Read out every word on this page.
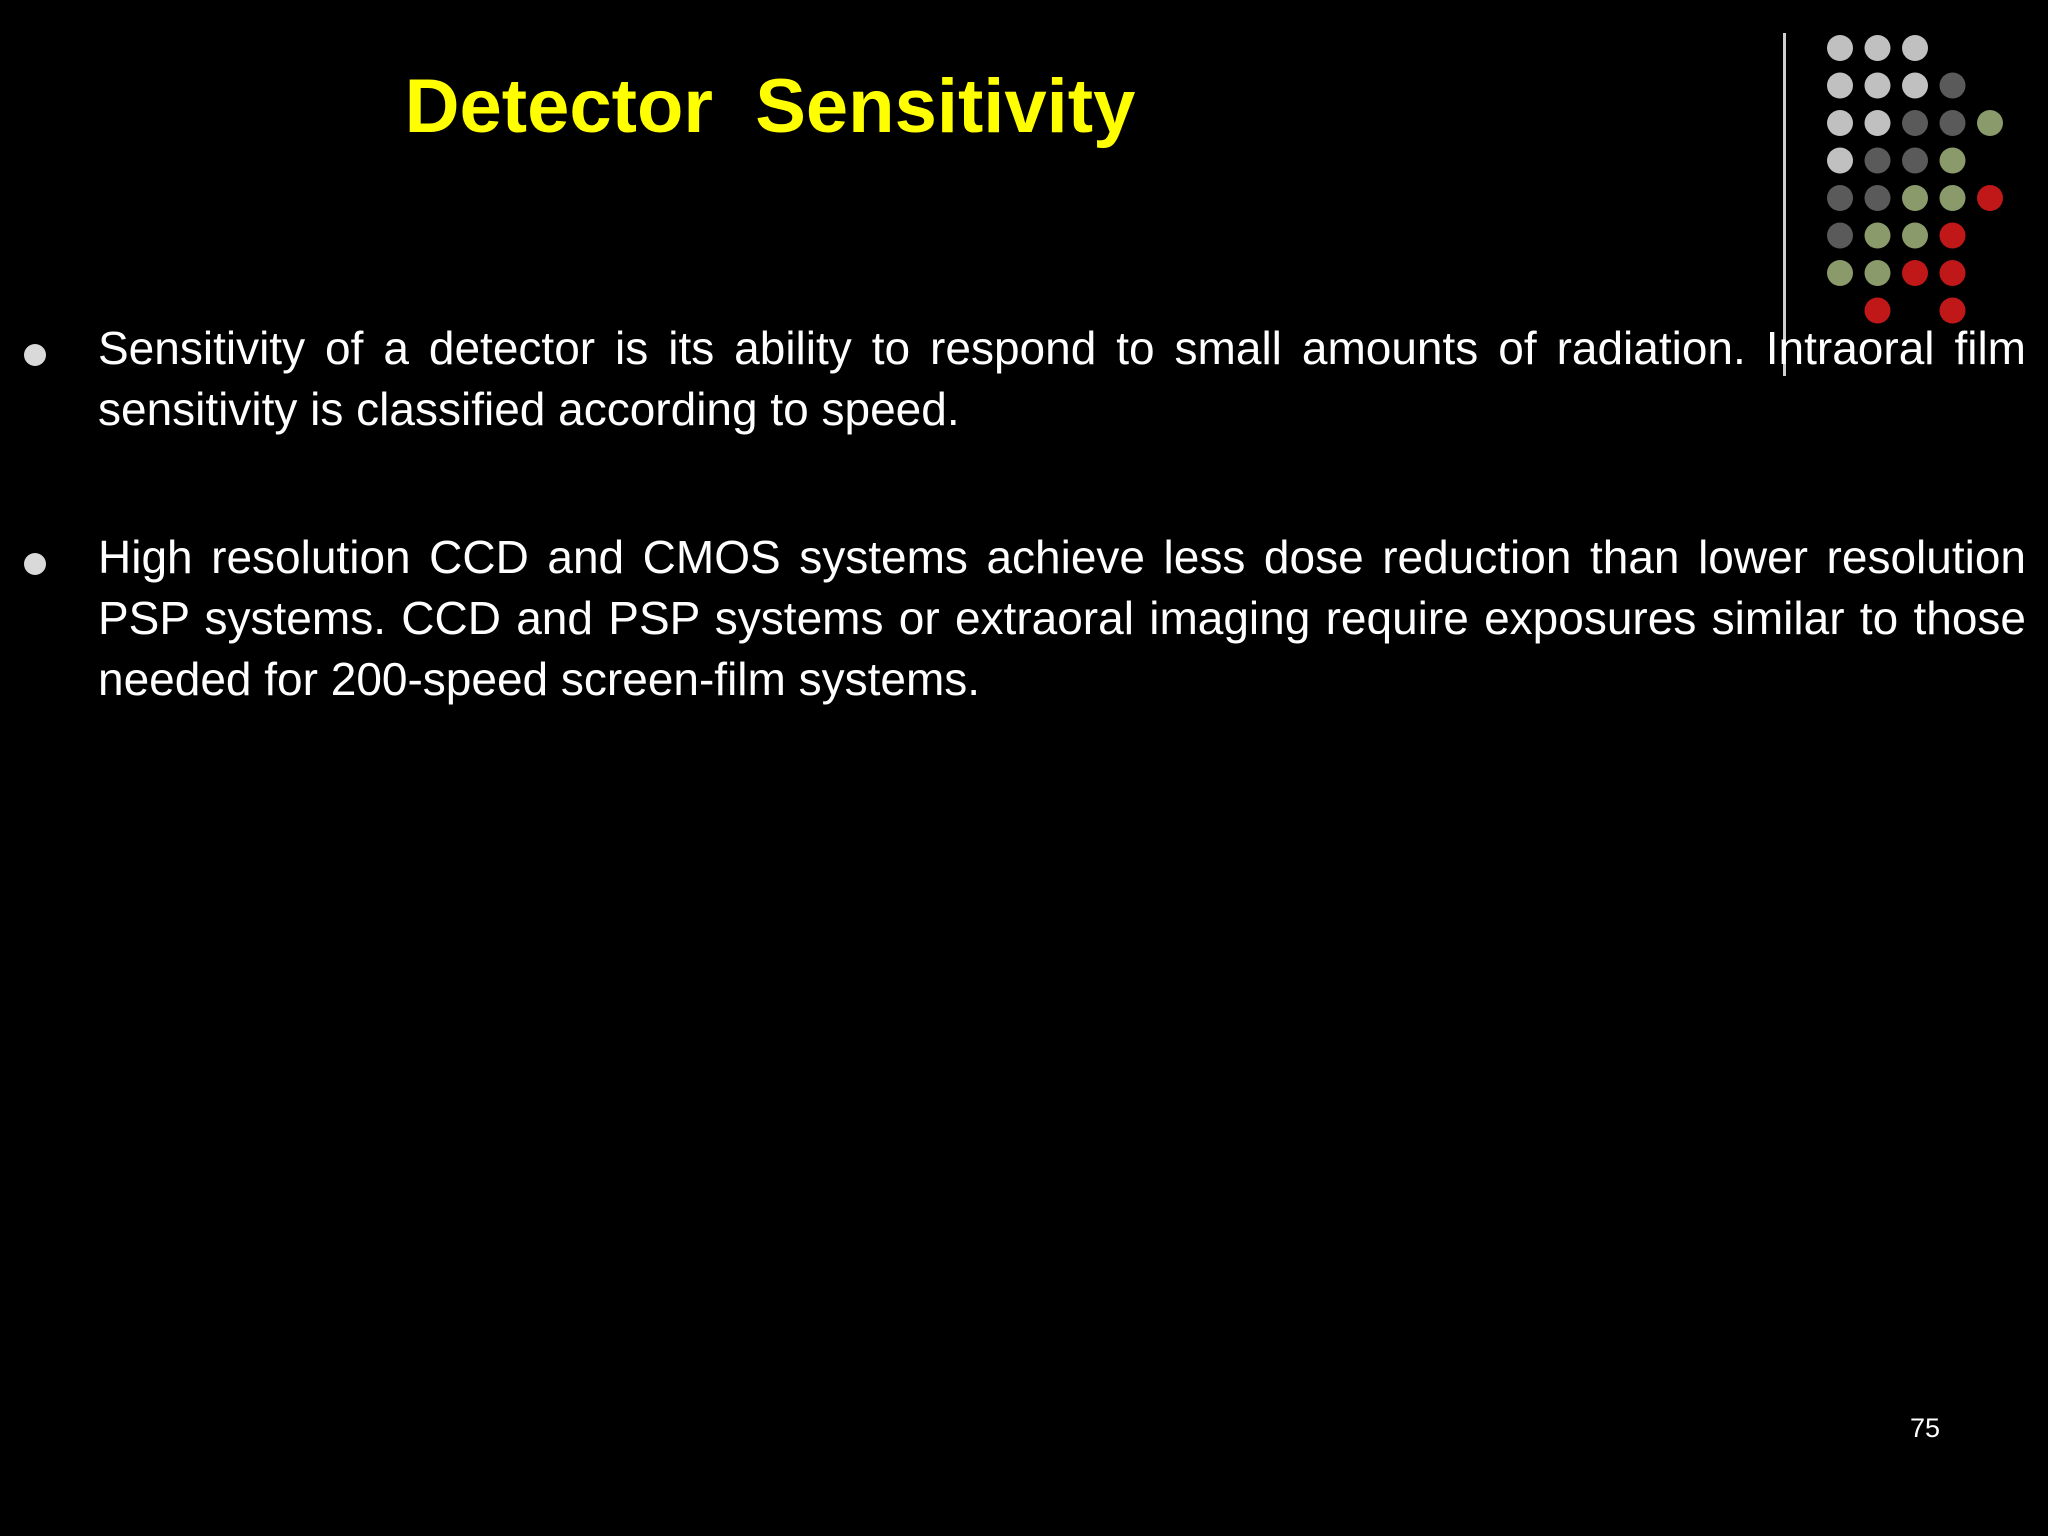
Detector  Sensitivity

Sensitivity of a detector is its ability to respond to small amounts of radiation. Intraoral film sensitivity is classified according to speed.

High resolution CCD and CMOS systems achieve less dose reduction than lower resolution PSP systems. CCD and PSP systems or extraoral imaging require exposures similar to those needed for 200-speed screen-film systems.

75
